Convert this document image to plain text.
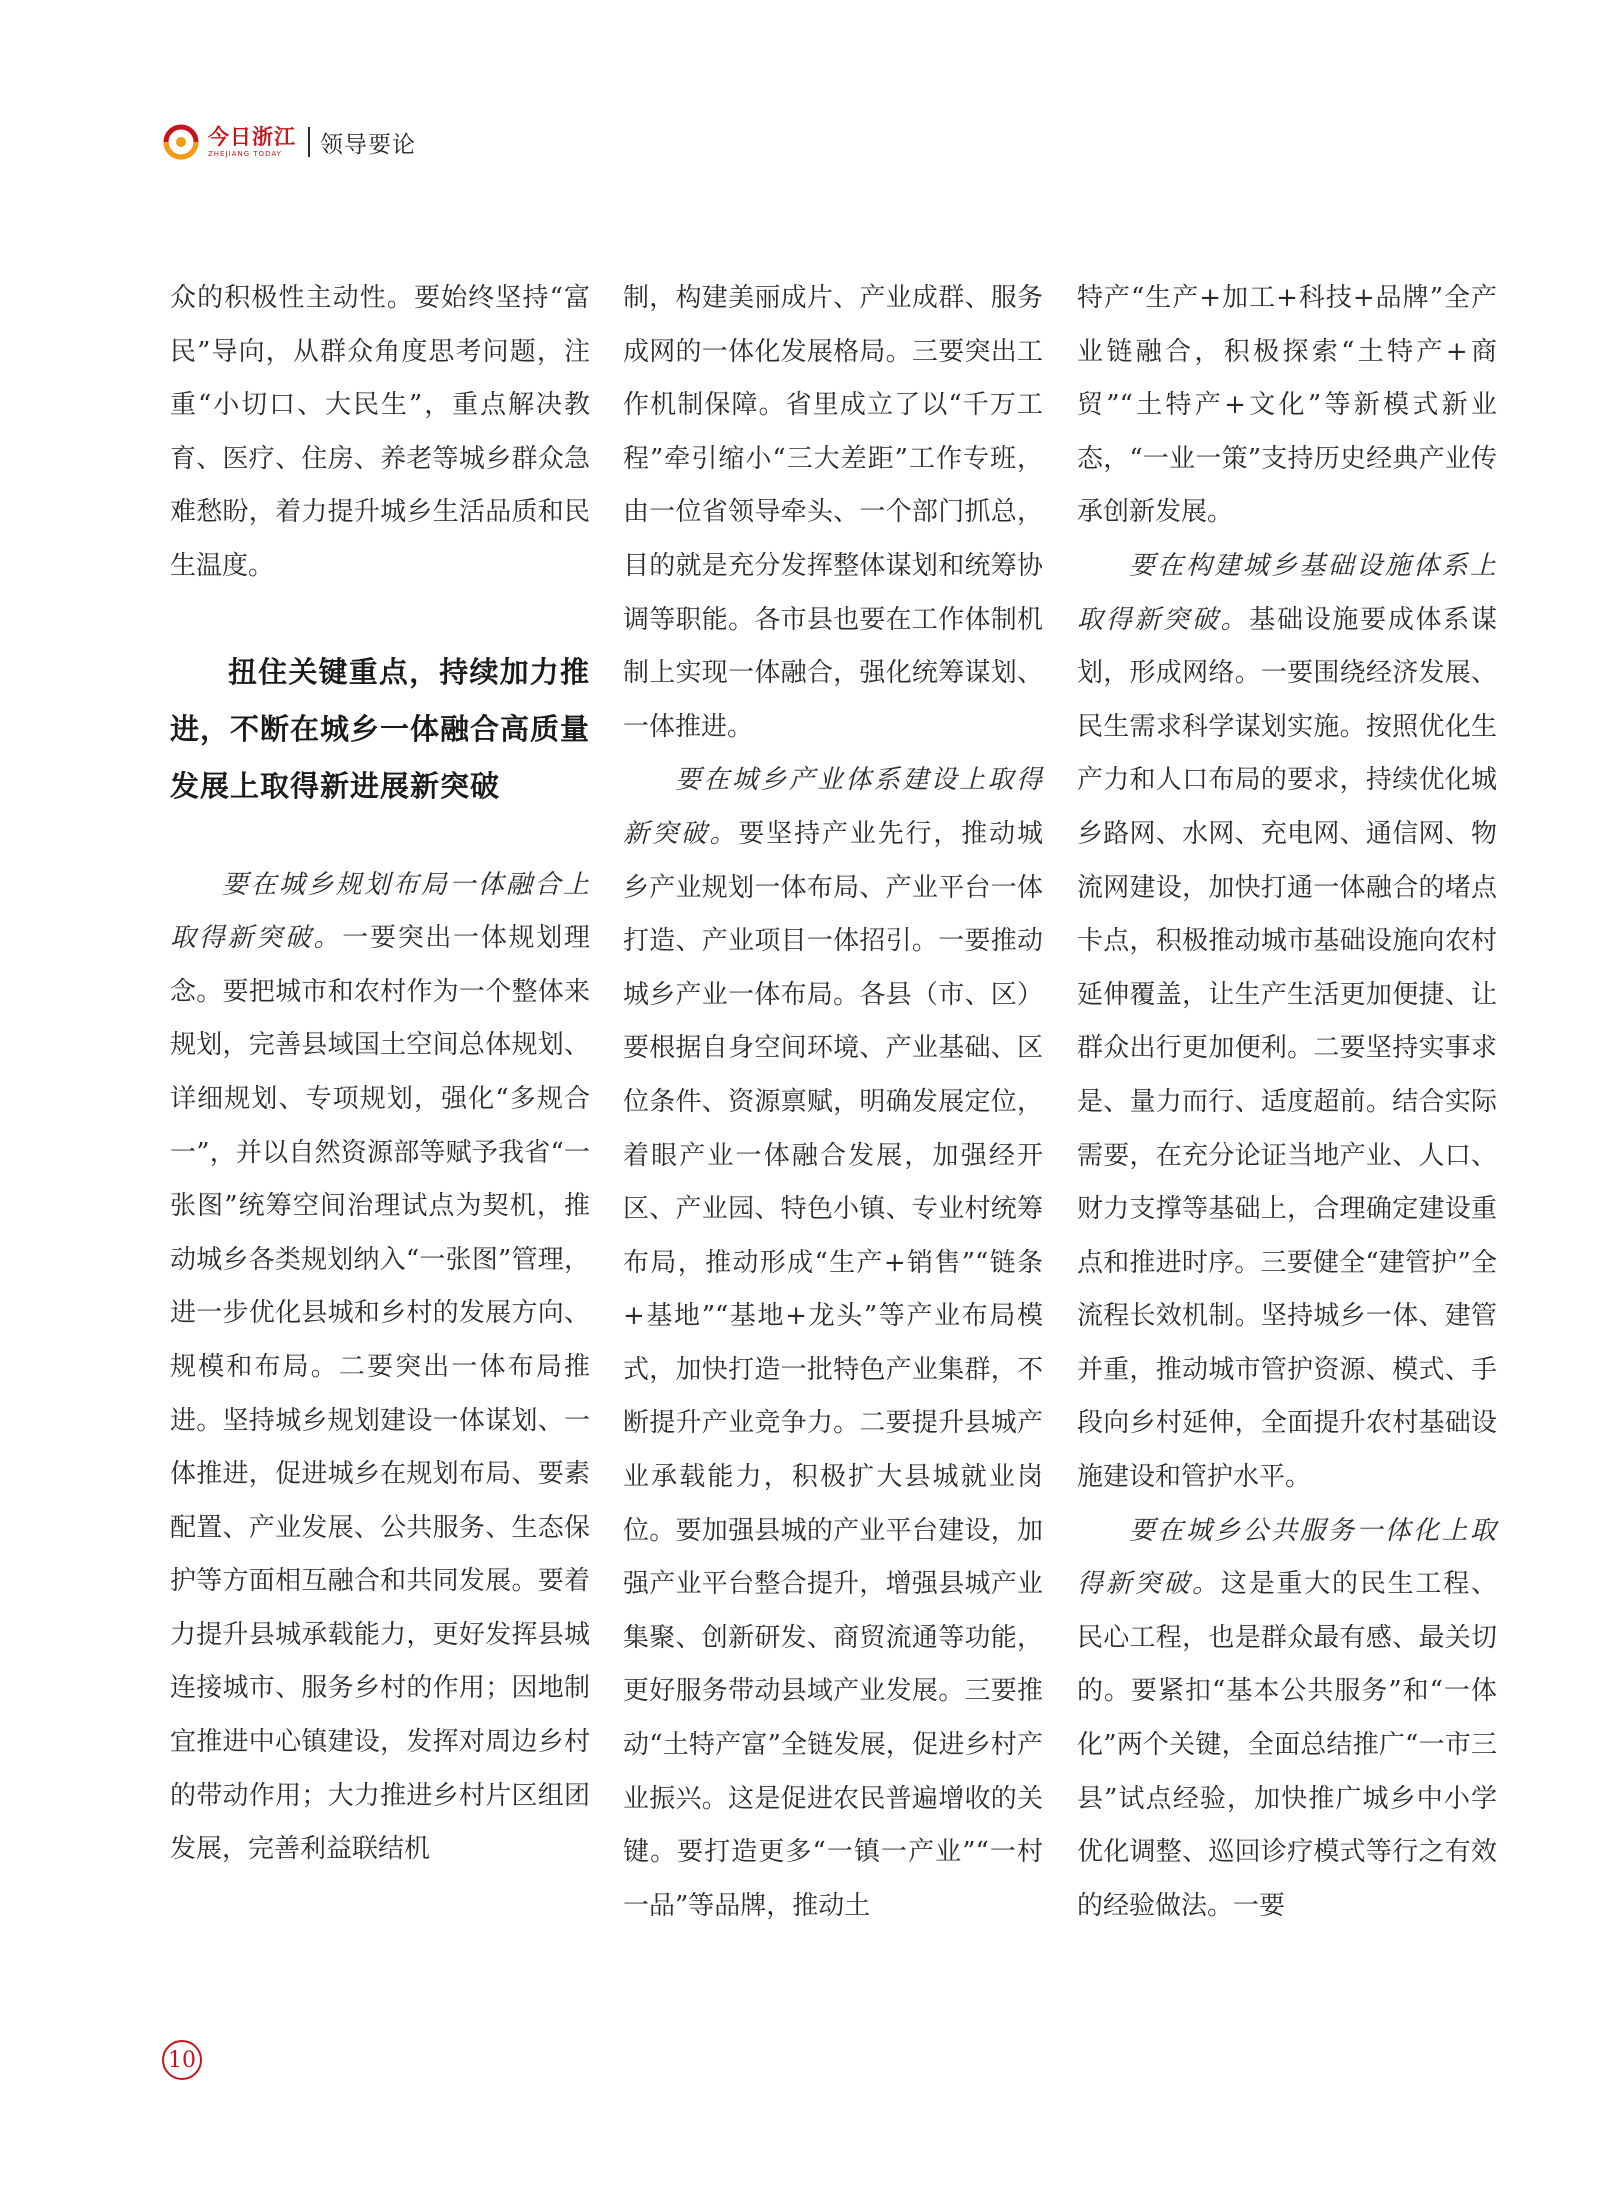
今日浙江
ZHEJIANG TODAY	领导要论

众的积极性主动性。要始终坚持“富民”导向，从群众角度思考问题，注重“小切口、大民生”，重点解决教育、医疗、住房、养老等城乡群众急难愁盼，着力提升城乡生活品质和民生温度。

扭住关键重点，持续加力推进，不断在城乡一体融合高质量发展上取得新进展新突破

要在城乡规划布局一体融合上取得新突破。一要突出一体规划理念。要把城市和农村作为一个整体来规划，完善县域国土空间总体规划、详细规划、专项规划，强化“多规合一”，并以自然资源部等赋予我省“一张图”统筹空间治理试点为契机，推动城乡各类规划纳入“一张图”管理，进一步优化县城和乡村的发展方向、规模和布局。二要突出一体布局推进。坚持城乡规划建设一体谋划、一体推进，促进城乡在规划布局、要素配置、产业发展、公共服务、生态保护等方面相互融合和共同发展。要着力提升县城承载能力，更好发挥县城连接城市、服务乡村的作用；因地制宜推进中心镇建设，发挥对周边乡村的带动作用；大力推进乡村片区组团发展，完善利益联结机

制，构建美丽成片、产业成群、服务成网的一体化发展格局。三要突出工作机制保障。省里成立了以“千万工程”牵引缩小“三大差距”工作专班，由一位省领导牵头、一个部门抓总，目的就是充分发挥整体谋划和统筹协调等职能。各市县也要在工作体制机制上实现一体融合，强化统筹谋划、一体推进。

要在城乡产业体系建设上取得新突破。要坚持产业先行，推动城乡产业规划一体布局、产业平台一体打造、产业项目一体招引。一要推动城乡产业一体布局。各县（市、区）要根据自身空间环境、产业基础、区位条件、资源禀赋，明确发展定位，着眼产业一体融合发展，加强经开区、产业园、特色小镇、专业村统筹布局，推动形成“生产+销售”“链条+基地”“基地+龙头”等产业布局模式，加快打造一批特色产业集群，不断提升产业竞争力。二要提升县城产业承载能力，积极扩大县城就业岗位。要加强县城的产业平台建设，加强产业平台整合提升，增强县城产业集聚、创新研发、商贸流通等功能，更好服务带动县域产业发展。三要推动“土特产富”全链发展，促进乡村产业振兴。这是促进农民普遍增收的关键。要打造更多“一镇一产业”“一村一品”等品牌，推动土

特产“生产+加工+科技+品牌”全产业链融合，积极探索“土特产+商贸”“土特产+文化”等新模式新业态，“一业一策”支持历史经典产业传承创新发展。

要在构建城乡基础设施体系上取得新突破。基础设施要成体系谋划，形成网络。一要围绕经济发展、民生需求科学谋划实施。按照优化生产力和人口布局的要求，持续优化城乡路网、水网、充电网、通信网、物流网建设，加快打通一体融合的堵点卡点，积极推动城市基础设施向农村延伸覆盖，让生产生活更加便捷、让群众出行更加便利。二要坚持实事求是、量力而行、适度超前。结合实际需要，在充分论证当地产业、人口、财力支撑等基础上，合理确定建设重点和推进时序。三要健全“建管护”全流程长效机制。坚持城乡一体、建管并重，推动城市管护资源、模式、手段向乡村延伸，全面提升农村基础设施建设和管护水平。

要在城乡公共服务一体化上取得新突破。这是重大的民生工程、民心工程，也是群众最有感、最关切的。要紧扣“基本公共服务”和“一体化”两个关键，全面总结推广“一市三县”试点经验，加快推广城乡中小学优化调整、巡回诊疗模式等行之有效的经验做法。一要

10
